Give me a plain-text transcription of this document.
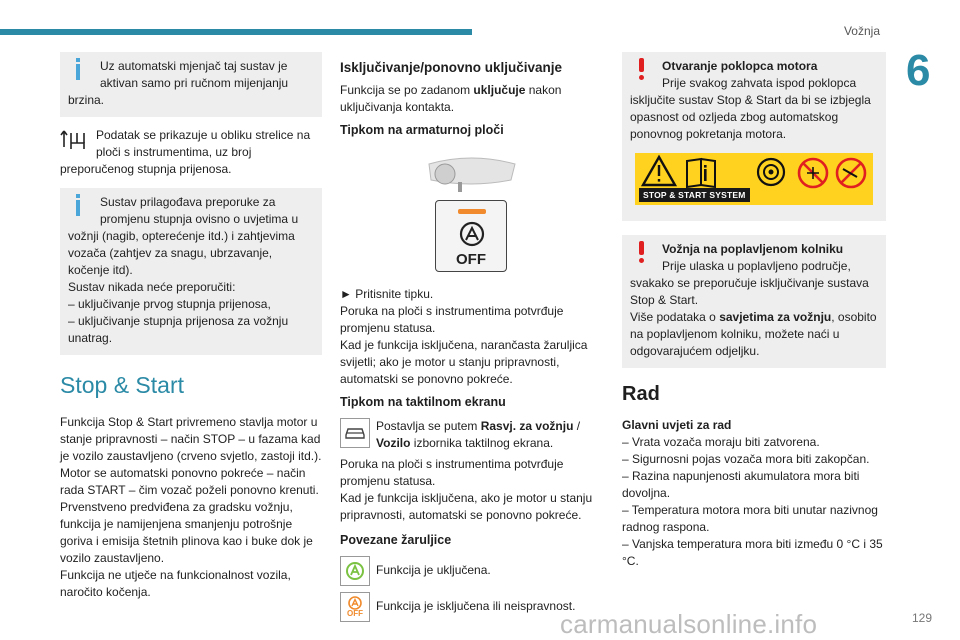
Vožnja
6

Uz automatski mjenjač taj sustav je aktivan samo pri ručnom mijenjanju brzina.

Podatak se prikazuje u obliku strelice na ploči s instrumentima, uz broj preporučenog stupnja prijenosa.

Sustav prilagođava preporuke za promjenu stupnja ovisno o uvjetima u vožnji (nagib, opterećenje itd.) i zahtjevima vozača (zahtjev za snagu, ubrzavanje, kočenje itd).

Sustav nikada neće preporučiti:

– uključivanje prvog stupnja prijenosa,

– uključivanje stupnja prijenosa za vožnju unatrag.

Stop & Start

Funkcija Stop & Start privremeno stavlja motor u stanje pripravnosti – način STOP – u fazama kad je vozilo zaustavljeno (crveno svjetlo, zastoji itd.). Motor se automatski ponovno pokreće – način rada START – čim vozač poželi ponovno krenuti.

Prvenstveno predviđena za gradsku vožnju, funkcija je namijenjena smanjenju potrošnje goriva i emisija štetnih plinova kao i buke dok je vozilo zaustavljeno.

Funkcija ne utječe na funkcionalnost vozila, naročito kočenja.

Isključivanje/ponovno uključivanje

Funkcija se po zadanom uključuje nakon uključivanja kontakta.

Tipkom na armaturnoj ploči
OFF

► Pritisnite tipku.

Poruka na ploči s instrumentima potvrđuje promjenu statusa.

Kad je funkcija isključena, narančasta žaruljica svijetli; ako je motor u stanju pripravnosti, automatski se ponovno pokreće.

Tipkom na taktilnom ekranu

Postavlja se putem Rasvj. za vožnju / Vozilo izbornika taktilnog ekrana.

Poruka na ploči s instrumentima potvrđuje promjenu statusa.

Kad je funkcija isključena, ako je motor u stanju pripravnosti, automatski se ponovno pokreće.

Povezane žaruljice

Funkcija je uključena.

OFF

Funkcija je isključena ili neispravnost.

Otvaranje poklopca motora

Prije svakog zahvata ispod poklopca isključite sustav Stop & Start da bi se izbjegla opasnost od ozljeda zbog automatskog ponovnog pokretanja motora.

STOP & START SYSTEM
Vožnja na poplavljenom kolniku

Prije ulaska u poplavljeno područje, svakako se preporučuje isključivanje sustava Stop & Start.

Više podataka o savjetima za vožnju, osobito na poplavljenom kolniku, možete naći u odgovarajućem odjeljku.

Rad
Glavni uvjeti za rad

– Vrata vozača moraju biti zatvorena.

– Sigurnosni pojas vozača mora biti zakopčan.

– Razina napunjenosti akumulatora mora biti dovoljna.

– Temperatura motora mora biti unutar nazivnog radnog raspona.

– Vanjska temperatura mora biti između 0 °C i 35 °C.

carmanualsonline.info	129
